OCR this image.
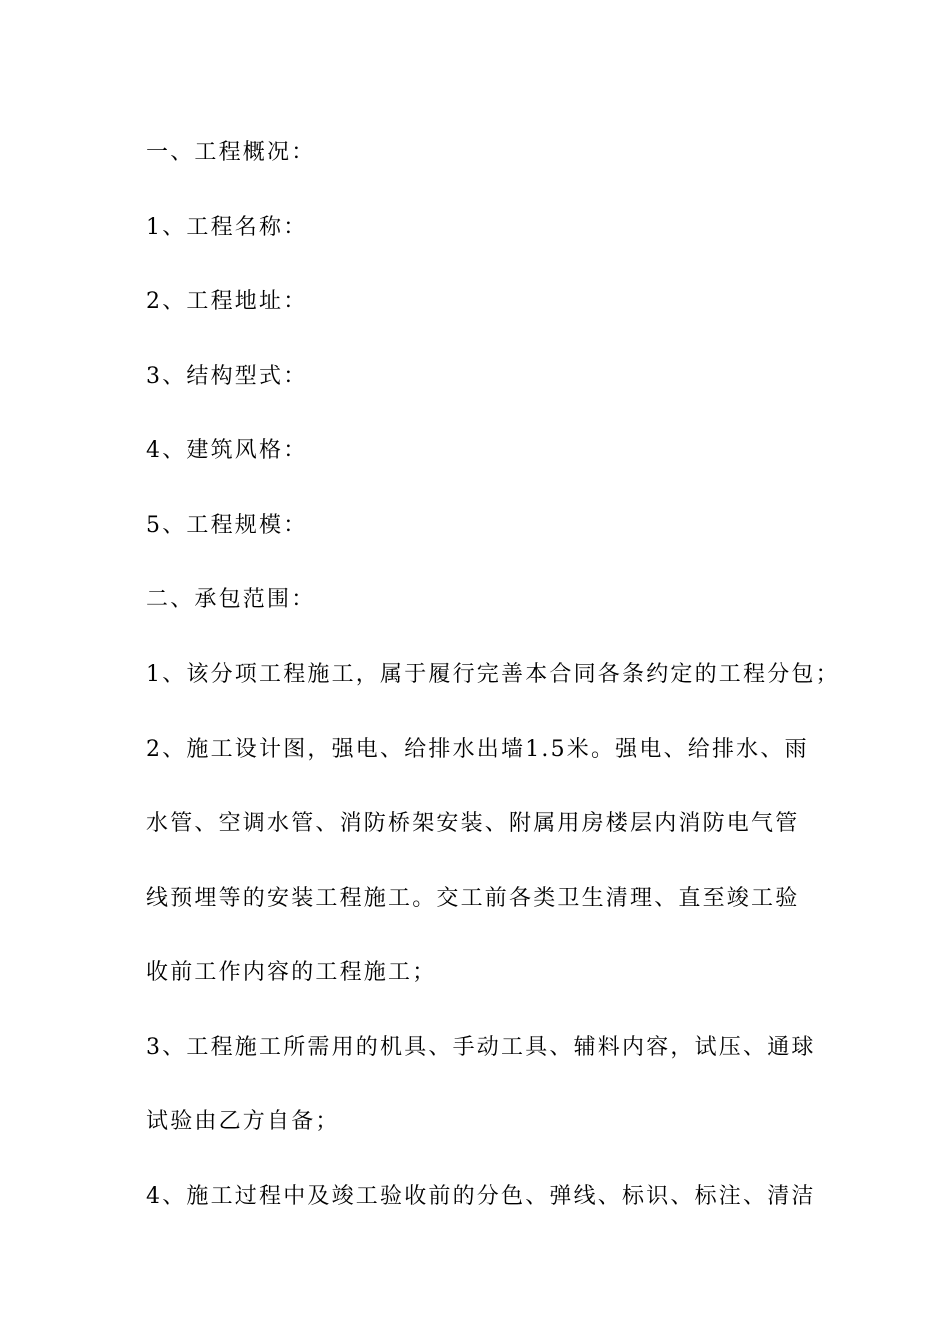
一、工程概况：
1、工程名称：
2、工程地址：
3、结构型式：
4、建筑风格：
5、工程规模：
二、承包范围：
1、该分项工程施工，属于履行完善本合同各条约定的工程分包；
2、施工设计图，强电、给排水出墙1.5米。强电、给排水、雨
水管、空调水管、消防桥架安装、附属用房楼层内消防电气管
线预埋等的安装工程施工。交工前各类卫生清理、直至竣工验
收前工作内容的工程施工；
3、工程施工所需用的机具、手动工具、辅料内容，试压、通球
试验由乙方自备；
4、施工过程中及竣工验收前的分色、弹线、标识、标注、清洁
